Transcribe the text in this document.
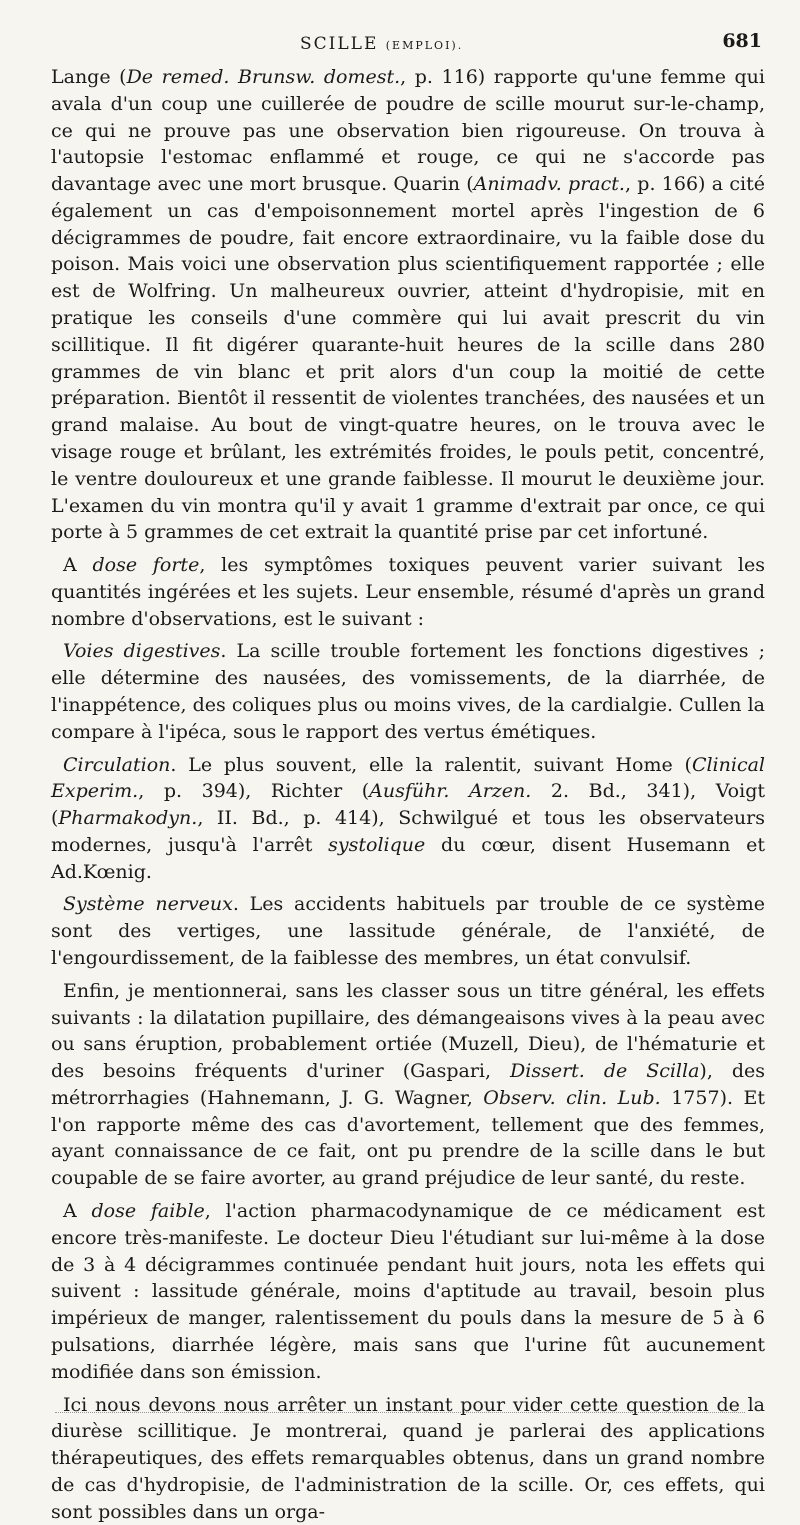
SCILLE (EMPLOI).	681

Lange (De remed. Brunsw. domest., p. 116) rapporte qu'une femme qui avala d'un coup une cuillerée de poudre de scille mourut sur-le-champ, ce qui ne prouve pas une observation bien rigoureuse. On trouva à l'autopsie l'estomac enflammé et rouge, ce qui ne s'accorde pas davantage avec une mort brusque. Quarin (Animadv. pract., p. 166) a cité également un cas d'empoisonnement mortel après l'ingestion de 6 décigrammes de poudre, fait encore extraordinaire, vu la faible dose du poison. Mais voici une observation plus scientifiquement rapportée ; elle est de Wolfring. Un malheureux ouvrier, atteint d'hydropisie, mit en pratique les conseils d'une commère qui lui avait prescrit du vin scillitique. Il fit digérer quarante-huit heures de la scille dans 280 grammes de vin blanc et prit alors d'un coup la moitié de cette préparation. Bientôt il ressentit de violentes tranchées, des nausées et un grand malaise. Au bout de vingt-quatre heures, on le trouva avec le visage rouge et brûlant, les extrémités froides, le pouls petit, concentré, le ventre douloureux et une grande faiblesse. Il mourut le deuxième jour. L'examen du vin montra qu'il y avait 1 gramme d'extrait par once, ce qui porte à 5 grammes de cet extrait la quantité prise par cet infortuné.

A dose forte, les symptômes toxiques peuvent varier suivant les quantités ingérées et les sujets. Leur ensemble, résumé d'après un grand nombre d'observations, est le suivant :

Voies digestives. La scille trouble fortement les fonctions digestives ; elle détermine des nausées, des vomissements, de la diarrhée, de l'inappétence, des coliques plus ou moins vives, de la cardialgie. Cullen la compare à l'ipéca, sous le rapport des vertus émétiques.

Circulation. Le plus souvent, elle la ralentit, suivant Home (Clinical Experim., p. 394), Richter (Ausführ. Arzen. 2. Bd., 341), Voigt (Pharmakodyn., II. Bd., p. 414), Schwilgué et tous les observateurs modernes, jusqu'à l'arrêt systolique du cœur, disent Husemann et Ad.Kœnig.

Système nerveux. Les accidents habituels par trouble de ce système sont des vertiges, une lassitude générale, de l'anxiété, de l'engourdissement, de la faiblesse des membres, un état convulsif.

Enfin, je mentionnerai, sans les classer sous un titre général, les effets suivants : la dilatation pupillaire, des démangeaisons vives à la peau avec ou sans éruption, probablement ortiée (Muzell, Dieu), de l'hématurie et des besoins fréquents d'uriner (Gaspari, Dissert. de Scilla), des métrorrhagies (Hahnemann, J. G. Wagner, Observ. clin. Lub. 1757). Et l'on rapporte même des cas d'avortement, tellement que des femmes, ayant connaissance de ce fait, ont pu prendre de la scille dans le but coupable de se faire avorter, au grand préjudice de leur santé, du reste.

A dose faible, l'action pharmacodynamique de ce médicament est encore très-manifeste. Le docteur Dieu l'étudiant sur lui-même à la dose de 3 à 4 décigrammes continuée pendant huit jours, nota les effets qui suivent : lassitude générale, moins d'aptitude au travail, besoin plus impérieux de manger, ralentissement du pouls dans la mesure de 5 à 6 pulsations, diarrhée légère, mais sans que l'urine fût aucunement modifiée dans son émission.

Ici nous devons nous arrêter un instant pour vider cette question de la diurèse scillitique. Je montrerai, quand je parlerai des applications thérapeutiques, des effets remarquables obtenus, dans un grand nombre de cas d'hydropisie, de l'administration de la scille. Or, ces effets, qui sont possibles dans un orga-
